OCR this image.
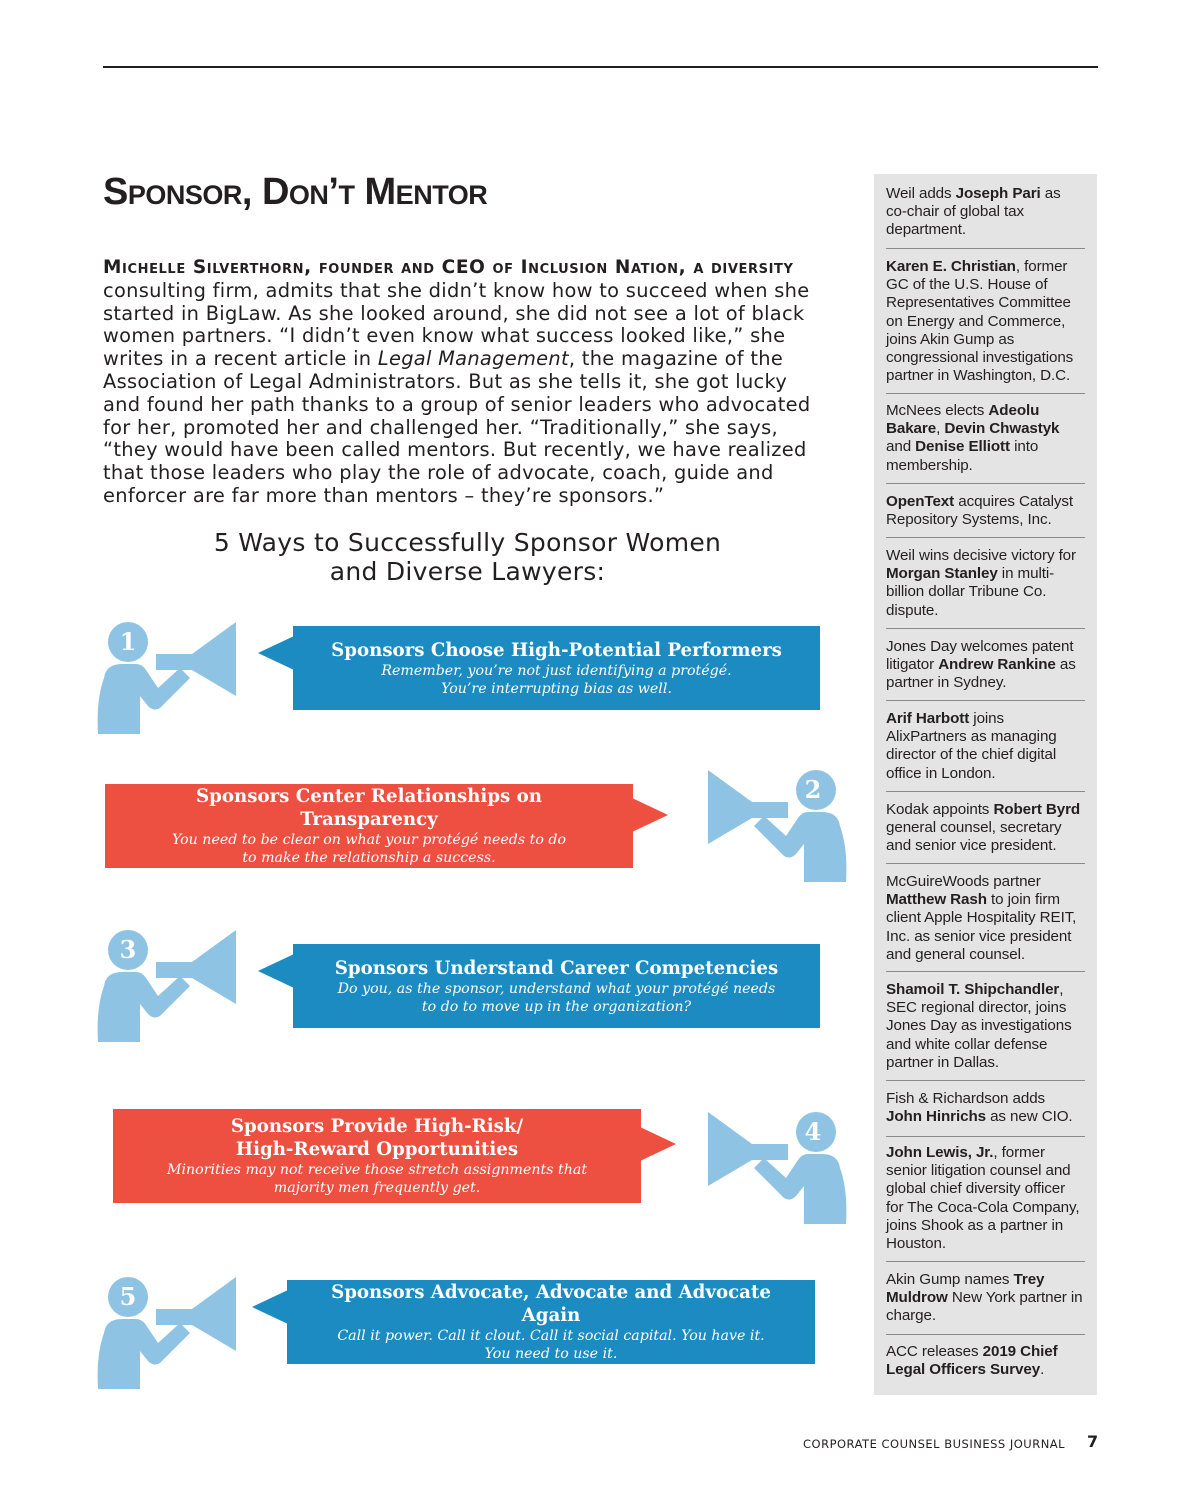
Sponsor, Don’t Mentor

Michelle Silverthorn, founder and CEO of Inclusion Nation, a diversity consulting firm, admits that she didn’t know how to succeed when she started in BigLaw. As she looked around, she did not see a lot of black women partners. “I didn’t even know what success looked like,” she writes in a recent article in Legal Management, the magazine of the Association of Legal Administrators. But as she tells it, she got lucky and found her path thanks to a group of senior leaders who advocated for her, promoted her and challenged her. “Traditionally,” she says, “they would have been called mentors. But recently, we have realized that those leaders who play the role of advocate, coach, guide and enforcer are far more than mentors – they’re sponsors.”

5 Ways to Successfully Sponsor Women
and Diverse Lawyers:
1	Sponsors Choose High-Potential Performers
Remember, you’re not just identifying a protégé.
You’re interrupting bias as well.
Sponsors Center Relationships on Transparency
You need to be clear on what your protégé needs to do
to make the relationship a success.
2
3
Sponsors Understand Career Competencies
Do you, as the sponsor, understand what your protégé needs
to do to move up in the organization?
Sponsors Provide High-Risk/
High-Reward Opportunities
Minorities may not receive those stretch assignments that
majority men frequently get.
4
5	Sponsors Advocate, Advocate and Advocate Again
Call it power. Call it clout. Call it social capital. You have it.
You need to use it.
Weil adds Joseph Pari as co-chair of global tax department.
Karen E. Christian, former GC of the U.S. House of Representatives Committee on Energy and Commerce, joins Akin Gump as congressional investigations partner in Washington, D.C.
McNees elects Adeolu Bakare, Devin Chwastyk and Denise Elliott into membership.
OpenText acquires Catalyst Repository Systems, Inc.
Weil wins decisive victory for Morgan Stanley in multi-billion dollar Tribune Co. dispute.
Jones Day welcomes patent litigator Andrew Rankine as partner in Sydney.
Arif Harbott joins AlixPartners as managing director of the chief digital office in London.
Kodak appoints Robert Byrd general counsel, secretary and senior vice president.
McGuireWoods partner Matthew Rash to join firm client Apple Hospitality REIT, Inc. as senior vice president and general counsel.
Shamoil T. Shipchandler, SEC regional director, joins Jones Day as investigations and white collar defense partner in Dallas.
Fish & Richardson adds John Hinrichs as new CIO.
John Lewis, Jr., former senior litigation counsel and global chief diversity officer for The Coca-Cola Company, joins Shook as a partner in Houston.
Akin Gump names Trey Muldrow New York partner in charge.
ACC releases 2019 Chief Legal Officers Survey.
CORPORATE COUNSEL BUSINESS JOURNAL 7
